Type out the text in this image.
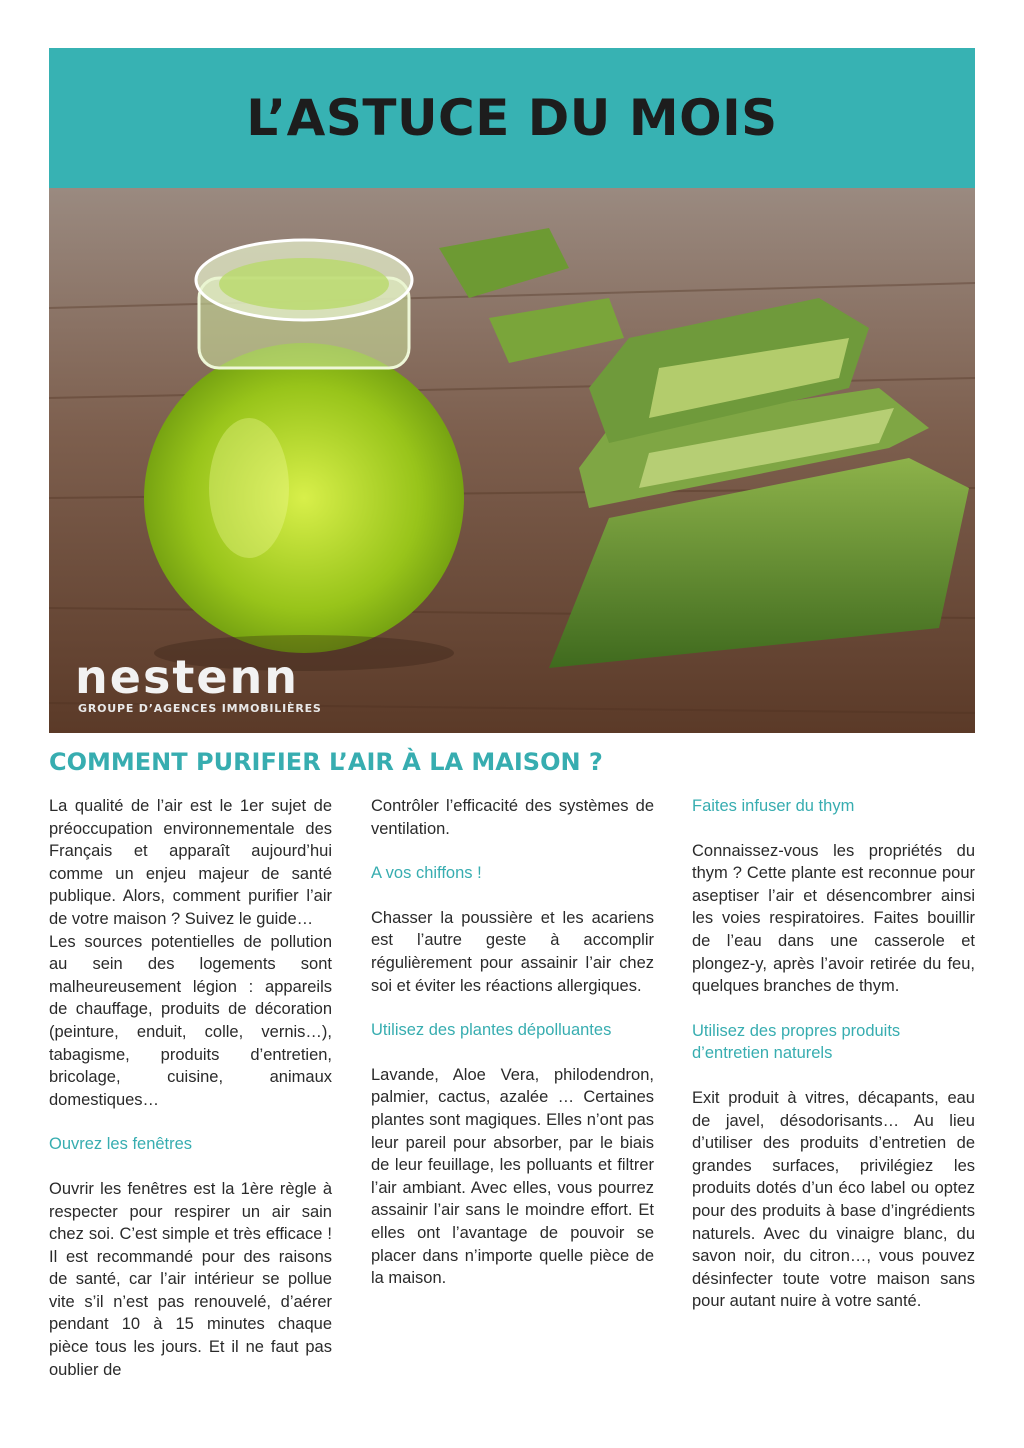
L’ASTUCE DU MOIS
nestenn
GROUPE D’AGENCES IMMOBILIÈRES
COMMENT PURIFIER L’AIR À LA MAISON ?

La qualité de l’air est le 1er sujet de préoccupation environnementale des Français et apparaît aujourd’hui comme un enjeu majeur de santé publique. Alors, comment purifier l’air de votre maison ? Suivez le guide…

Les sources potentielles de pollution au sein des logements sont malheureusement légion : appareils de chauffage, produits de décoration (peinture, enduit, colle, vernis…), tabagisme, produits d’entretien, bricolage, cuisine, animaux domestiques…

Ouvrez les fenêtres

Ouvrir les fenêtres est la 1ère règle à respecter pour respirer un air sain chez soi. C’est simple et très efficace ! Il est recommandé pour des raisons de santé, car l’air intérieur se pollue vite s’il n’est pas renouvelé, d’aérer pendant 10 à 15 minutes chaque pièce tous les jours. Et il ne faut pas oublier de

Contrôler l’efficacité des systèmes de ventilation.

A vos chiffons !

Chasser la poussière et les acariens est l’autre geste à accomplir régulièrement pour assainir l’air chez soi et éviter les réactions allergiques.

Utilisez des plantes dépolluantes

Lavande, Aloe Vera, philodendron, palmier, cactus, azalée … Certaines plantes sont magiques. Elles n’ont pas leur pareil pour absorber, par le biais de leur feuillage, les polluants et filtrer l’air ambiant. Avec elles, vous pourrez assainir l’air sans le moindre effort. Et elles ont l’avantage de pouvoir se placer dans n’importe quelle pièce de la maison.

Faites infuser du thym

Connaissez-vous les propriétés du thym ? Cette plante est reconnue pour aseptiser l’air et désencombrer ainsi les voies respiratoires. Faites bouillir de l’eau dans une casserole et plongez-y, après l’avoir retirée du feu, quelques branches de thym.

Utilisez des propres produits d’entretien naturels

Exit produit à vitres, décapants, eau de javel, désodorisants… Au lieu d’utiliser des produits d’entretien de grandes surfaces, privilégiez les produits dotés d’un éco label ou optez pour des produits à base d’ingrédients naturels. Avec du vinaigre blanc, du savon noir, du citron…, vous pouvez désinfecter toute votre maison sans pour autant nuire à votre santé.
